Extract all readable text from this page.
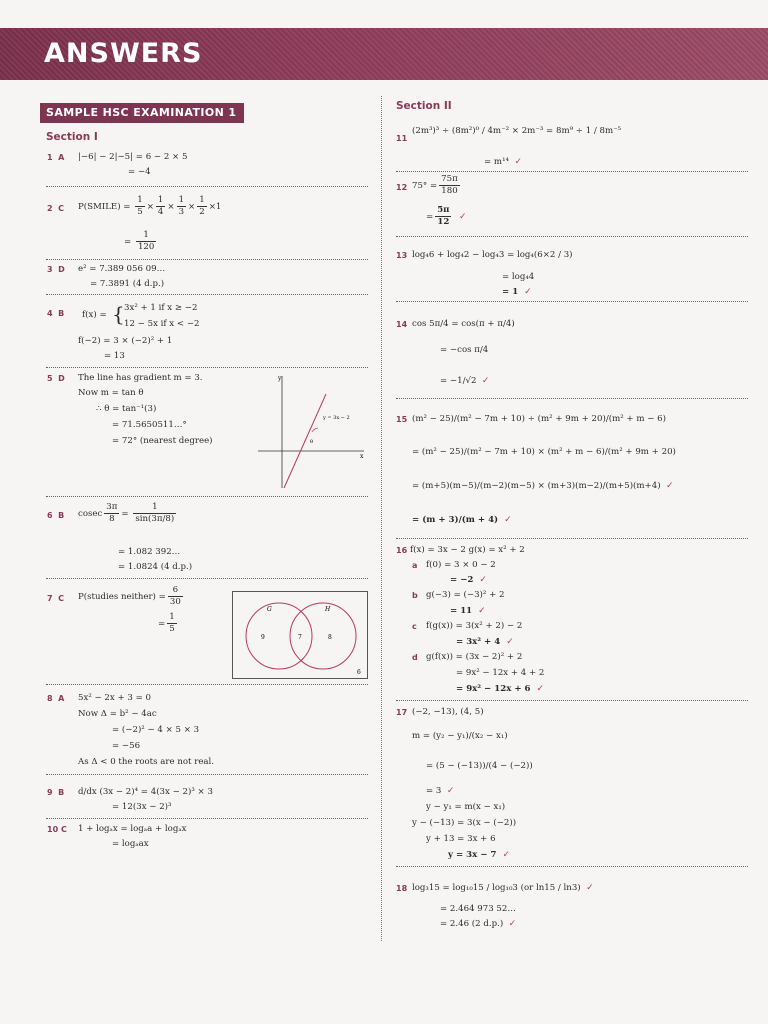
ANSWERS
SAMPLE HSC EXAMINATION 1
Section I
Section II
1 A |−6| − 2|−5| = 6 − 2 × 5
= −4
2 C P(SMILE) = $\frac{1}{5} \times \frac{1}{4} \times \frac{1}{3} \times \frac{1}{2} \times 1$
= $\frac{1}{120}$
3 D e² = 7.389 056 09…
= 7.3891 (4 d.p.)
4 B f(x) = { 3x² + 1 if x ≥ −2
12 − 5x if x < −2
f(−2) = 3 × (−2)² + 1
= 13
5 D The line has gradient m = 3.
Now m = tan θ
∴ θ = tan⁻¹(3)
= 71.5650511…°
= 72° (nearest degree)
y
x
y = 3x − 2
θ
6 B cosec $\frac{3\pi}{8} = \frac{1}{\sin(3\pi/8)}$
= 1.082 392…
= 1.0824 (4 d.p.)
7 C P(studies neither) = $\frac{6}{30}$
= $\frac{1}{5}$
G	H
9	7	8
6
8 A 5x² − 2x + 3 = 0
Now Δ = b² − 4ac
= (−2)² − 4 × 5 × 3
= −56
As Δ < 0 the roots are not real.
9 B d/dx (3x − 2)⁴ = 4(3x − 2)³ × 3
= 12(3x − 2)³
10 C 1 + logₐx = logₐa + logₐx
= logₐax
11
(2m³)³ ÷ (8m²)⁰ / 4m⁻² × 2m⁻³ = 8m⁹ ÷ 1 / 8m⁻⁵
= m¹⁴ ✓
12 $75^\circ = \frac{75\pi}{180}$
= $\frac{5\pi}{12}$ ✓
13 log₄6 + log₄2 − log₄3 = log₄(6×2 / 3)
= log₄4
= 1 ✓
14 cos 5π/4 = cos(π + π/4)
= −cos π/4
= −1/√2 ✓
15 (m² − 25)/(m² − 7m + 10) ÷ (m² + 9m + 20)/(m² + m − 6)
= (m² − 25)/(m² − 7m + 10) × (m² + m − 6)/(m² + 9m + 20)
= (m+5)(m−5)/(m−2)(m−5) × (m+3)(m−2)/(m+5)(m+4) ✓
= (m + 3)/(m + 4) ✓
16 f(x) = 3x − 2 g(x) = x² + 2
a f(0) = 3 × 0 − 2
= −2 ✓
b g(−3) = (−3)² + 2
= 11 ✓
c f(g(x)) = 3(x² + 2) − 2
= 3x² + 4 ✓
d g(f(x)) = (3x − 2)² + 2
= 9x² − 12x + 4 + 2
= 9x² − 12x + 6 ✓
17 (−2, −13), (4, 5)
m = (y₂ − y₁)/(x₂ − x₁)
= (5 − (−13))/(4 − (−2))
= 3 ✓
y − y₁ = m(x − x₁)
y − (−13) = 3(x − (−2))
y + 13 = 3x + 6
y = 3x − 7 ✓
18 log₃15 = log₁₀15 / log₁₀3 (or ln15 / ln3) ✓
= 2.464 973 52…
= 2.46 (2 d.p.) ✓
